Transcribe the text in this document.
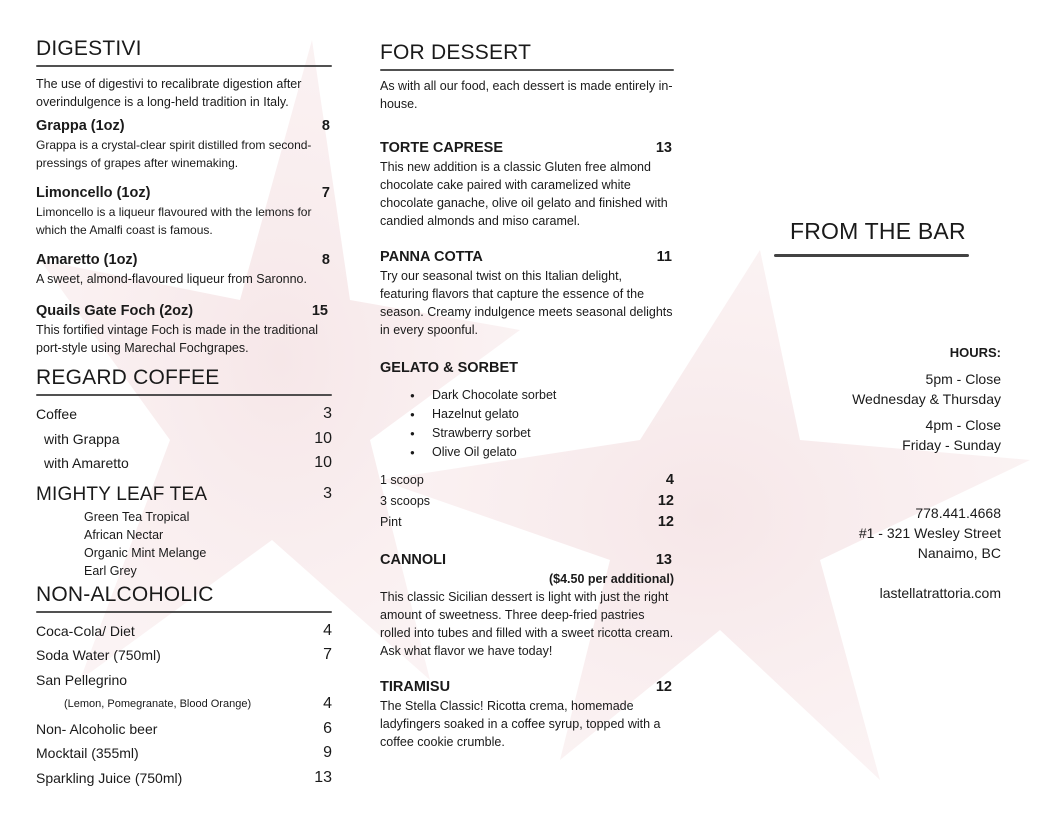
DIGESTIVI

The use of digestivi to recalibrate digestion after overindulgence is a long-held tradition in Italy.

Grappa (1oz)	8

Grappa is a crystal-clear spirit distilled from second-pressings of grapes after winemaking.

Limoncello (1oz)	7

Limoncello is a liqueur flavoured with the lemons for which the Amalfi coast is famous.

Amaretto (1oz)	8

A sweet, almond-flavoured liqueur from Saronno.

Quails Gate Foch (2oz)	15

This fortified vintage Foch is made in the traditional port-style using Marechal Fochgrapes.

REGARD COFFEE
Coffee	3
with Grappa	10
with Amaretto	10
MIGHTY LEAF TEA	3
Green Tea Tropical
African Nectar
Organic Mint Melange
Earl Grey
NON-ALCOHOLIC
Coca-Cola/ Diet	4
Soda Water (750ml)	7
San Pellegrino
(Lemon, Pomegranate, Blood Orange)	4
Non- Alcoholic beer	6
Mocktail (355ml)	9
Sparkling Juice (750ml)	13
FOR DESSERT

As with all our food, each dessert is made entirely in-house.

TORTE CAPRESE	13

This new addition is a classic Gluten free almond chocolate cake paired with caramelized white chocolate ganache, olive oil gelato and finished with candied almonds and miso caramel.

PANNA COTTA	11

Try our seasonal twist on this Italian delight, featuring flavors that capture the essence of the season. Creamy indulgence meets seasonal delights in every spoonful.

GELATO & SORBET
● Dark Chocolate sorbet
● Hazelnut gelato
● Strawberry sorbet
● Olive Oil gelato
1 scoop	4
3 scoops	12
Pint	12
CANNOLI	13
($4.50 per additional)

This classic Sicilian dessert is light with just the right amount of sweetness. Three deep-fried pastries rolled into tubes and filled with a sweet ricotta cream. Ask what flavor we have today!

TIRAMISU	12

The Stella Classic! Ricotta crema, homemade ladyfingers soaked in a coffee syrup, topped with a coffee cookie crumble.

FROM THE BAR
HOURS:
5pm - Close
Wednesday & Thursday
4pm - Close
Friday - Sunday
778.441.4668
#1 - 321 Wesley Street
Nanaimo, BC
lastellatrattoria.com
